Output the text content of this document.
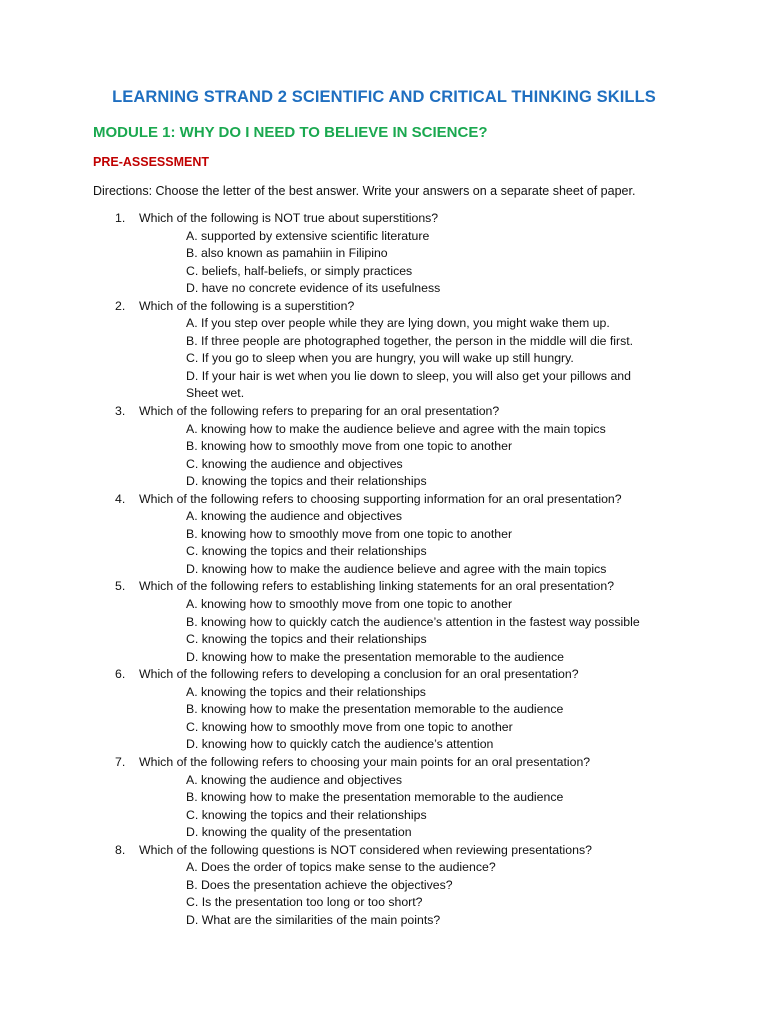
LEARNING STRAND 2 SCIENTIFIC AND CRITICAL THINKING SKILLS
MODULE 1: WHY DO I NEED TO BELIEVE IN SCIENCE?
PRE-ASSESSMENT

Directions: Choose the letter of the best answer. Write your answers on a separate sheet of paper.

1. Which of the following is NOT true about superstitions?
A. supported by extensive scientific literature
B. also known as pamahiin in Filipino
C. beliefs, half-beliefs, or simply practices
D. have no concrete evidence of its usefulness
2. Which of the following is a superstition?
A. If you step over people while they are lying down, you might wake them up.
B. If three people are photographed together, the person in the middle will die first.
C. If you go to sleep when you are hungry, you will wake up still hungry.
D. If your hair is wet when you lie down to sleep, you will also get your pillows and
Sheet wet.
3. Which of the following refers to preparing for an oral presentation?
A. knowing how to make the audience believe and agree with the main topics
B. knowing how to smoothly move from one topic to another
C. knowing the audience and objectives
D. knowing the topics and their relationships
4. Which of the following refers to choosing supporting information for an oral presentation?
A. knowing the audience and objectives
B. knowing how to smoothly move from one topic to another
C. knowing the topics and their relationships
D. knowing how to make the audience believe and agree with the main topics
5. Which of the following refers to establishing linking statements for an oral presentation?
A. knowing how to smoothly move from one topic to another
B. knowing how to quickly catch the audience’s attention in the fastest way possible
C. knowing the topics and their relationships
D. knowing how to make the presentation memorable to the audience
6. Which of the following refers to developing a conclusion for an oral presentation?
A. knowing the topics and their relationships
B. knowing how to make the presentation memorable to the audience
C. knowing how to smoothly move from one topic to another
D. knowing how to quickly catch the audience’s attention
7. Which of the following refers to choosing your main points for an oral presentation?
A. knowing the audience and objectives
B. knowing how to make the presentation memorable to the audience
C. knowing the topics and their relationships
D. knowing the quality of the presentation
8. Which of the following questions is NOT considered when reviewing presentations?
A. Does the order of topics make sense to the audience?
B. Does the presentation achieve the objectives?
C. Is the presentation too long or too short?
D. What are the similarities of the main points?
